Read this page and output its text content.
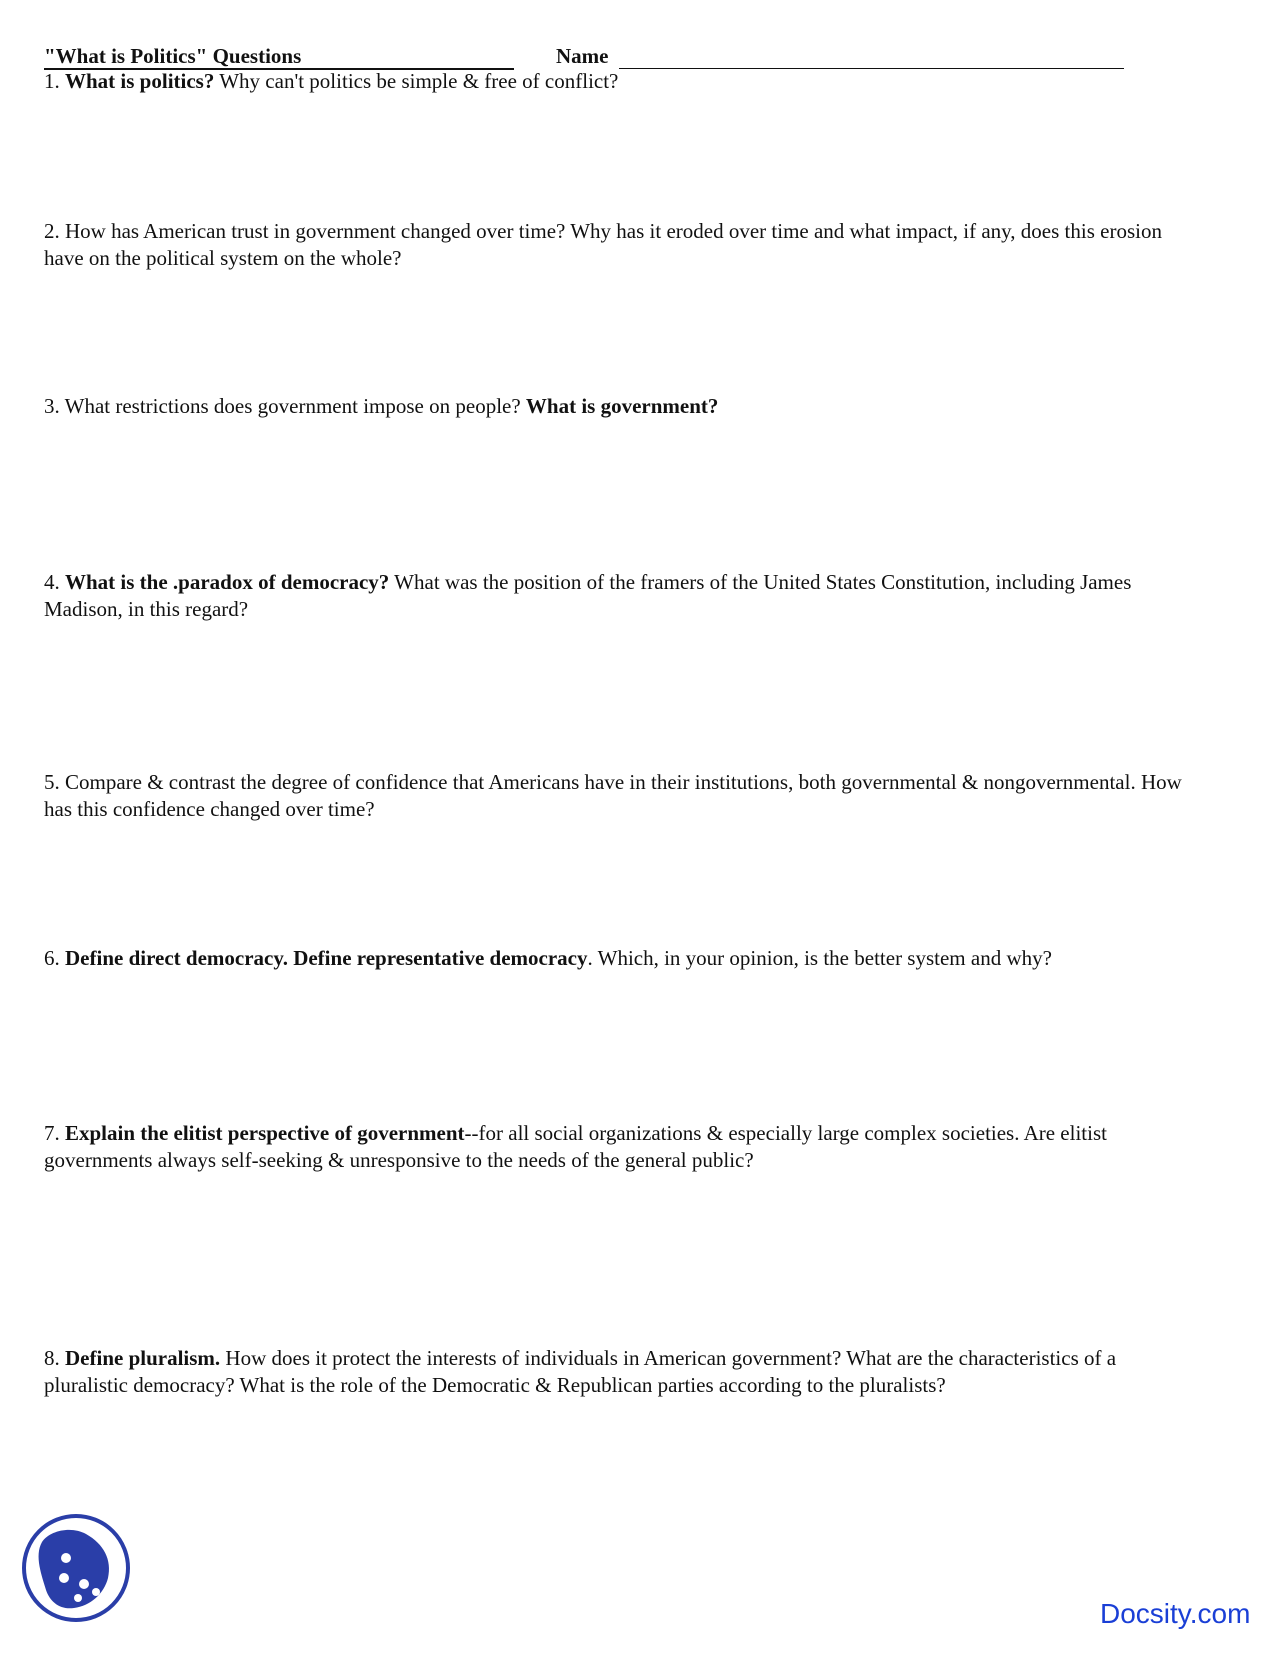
"What is Politics" Questions	Name

1. What is politics? Why can't politics be simple & free of conflict?

2. How has American trust in government changed over time? Why has it eroded over time and what impact, if any, does this erosion have on the political system on the whole?

3. What restrictions does government impose on people? What is government?

4. What is the .paradox of democracy? What was the position of the framers of the United States Constitution, including James Madison, in this regard?

5. Compare & contrast the degree of confidence that Americans have in their institutions, both governmental & nongovernmental. How has this confidence changed over time?

6. Define direct democracy. Define representative democracy. Which, in your opinion, is the better system and why?

7. Explain the elitist perspective of government--for all social organizations & especially large complex societies. Are elitist governments always self-seeking & unresponsive to the needs of the general public?

8. Define pluralism. How does it protect the interests of individuals in American government? What are the characteristics of a pluralistic democracy? What is the role of the Democratic & Republican parties according to the pluralists?

Docsity.com
